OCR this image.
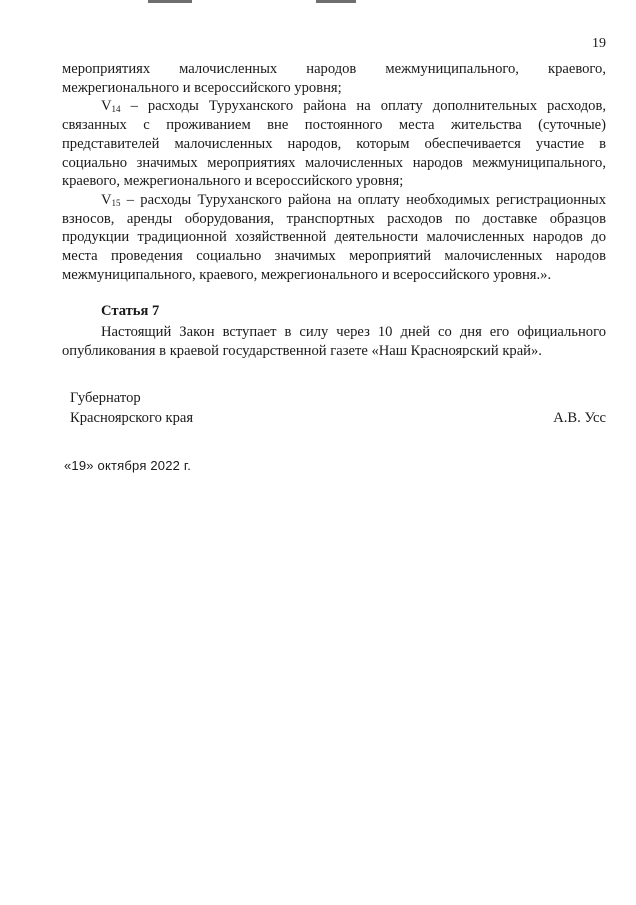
19

мероприятиях малочисленных народов межмуниципального, краевого, межрегионального и всероссийского уровня;

$V_{14}$ – расходы Туруханского района на оплату дополнительных расходов, связанных с проживанием вне постоянного места жительства (суточные) представителей малочисленных народов, которым обеспечивается участие в социально значимых мероприятиях малочисленных народов межмуниципального, краевого, межрегионального и всероссийского уровня;

$V_{15}$ – расходы Туруханского района на оплату необходимых регистрационных взносов, аренды оборудования, транспортных расходов по доставке образцов продукции традиционной хозяйственной деятельности малочисленных народов до места проведения социально значимых мероприятий малочисленных народов межмуниципального, краевого, межрегионального и всероссийского уровня.».

Статья 7

Настоящий Закон вступает в силу через 10 дней со дня его официального опубликования в краевой государственной газете «Наш Красноярский край».

Губернатор
Красноярского края	А.В. Усс
«19» октября 2022 г.
